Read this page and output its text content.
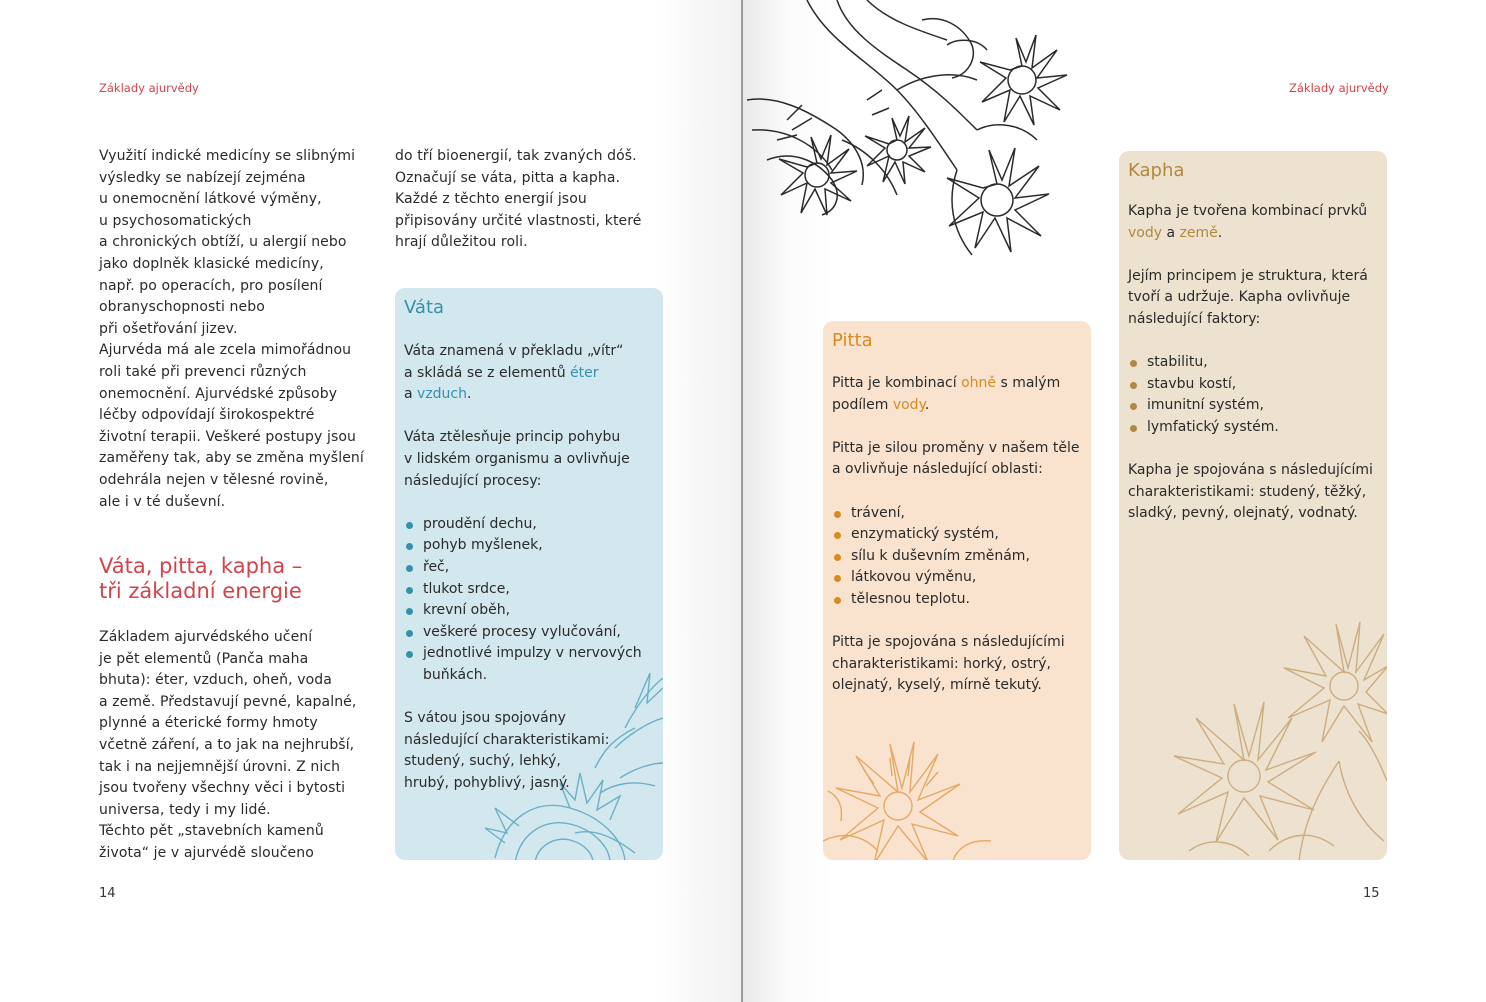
Základy ajurvědy
Využití indické medicíny se slibnými
výsledky se nabízejí zejména
u onemocnění látkové výměny,
u psychosomatických
a chronických obtíží, u alergií nebo
jako doplněk klasické medicíny,
např. po operacích, pro posílení
obranyschopnosti nebo
při ošetřování jizev.
Ajurvéda má ale zcela mimořádnou
roli také při prevenci různých
onemocnění. Ajurvédské způsoby
léčby odpovídají širokospektré
životní terapii. Veškeré postupy jsou
zaměřeny tak, aby se změna myšlení
odehrála nejen v tělesné rovině,
ale i v té duševní.
Váta, pitta, kapha –
tři základní energie
Základem ajurvédského učení
je pět elementů (Panča maha
bhuta): éter, vzduch, oheň, voda
a země. Představují pevné, kapalné,
plynné a éterické formy hmoty
včetně záření, a to jak na nejhrubší,
tak i na nejjemnější úrovni. Z nich
jsou tvořeny všechny věci i bytosti
universa, tedy i my lidé.
Těchto pět „stavebních kamenů
života“ je v ajurvédě sloučeno
do tří bioenergií, tak zvaných dóš.
Označují se váta, pitta a kapha.
Každé z těchto energií jsou
připisovány určité vlastnosti, které
hrají důležitou roli.
Váta
Váta znamená v překladu „vítr“
a skládá se z elementů éter
a vzduch.
Váta ztělesňuje princip pohybu
v lidském organismu a ovlivňuje
následující procesy:
proudění dechu,
pohyb myšlenek,
řeč,
tlukot srdce,
krevní oběh,
veškeré procesy vylučování,
jednotlivé impulzy v nervových
buňkách.
S vátou jsou spojovány
následující charakteristikami:
studený, suchý, lehký,
hrubý, pohyblivý, jasný.
14
Základy ajurvědy
Pitta
Pitta je kombinací ohně s malým
podílem vody.
Pitta je silou proměny v našem těle
a ovlivňuje následující oblasti:
trávení,
enzymatický systém,
sílu k duševním změnám,
látkovou výměnu,
tělesnou teplotu.
Pitta je spojována s následujícími
charakteristikami: horký, ostrý,
olejnatý, kyselý, mírně tekutý.
Kapha
Kapha je tvořena kombinací prvků
vody a země.
Jejím principem je struktura, která
tvoří a udržuje. Kapha ovlivňuje
následující faktory:
stabilitu,
stavbu kostí,
imunitní systém,
lymfatický systém.
Kapha je spojována s následujícími
charakteristikami: studený, těžký,
sladký, pevný, olejnatý, vodnatý.
15
